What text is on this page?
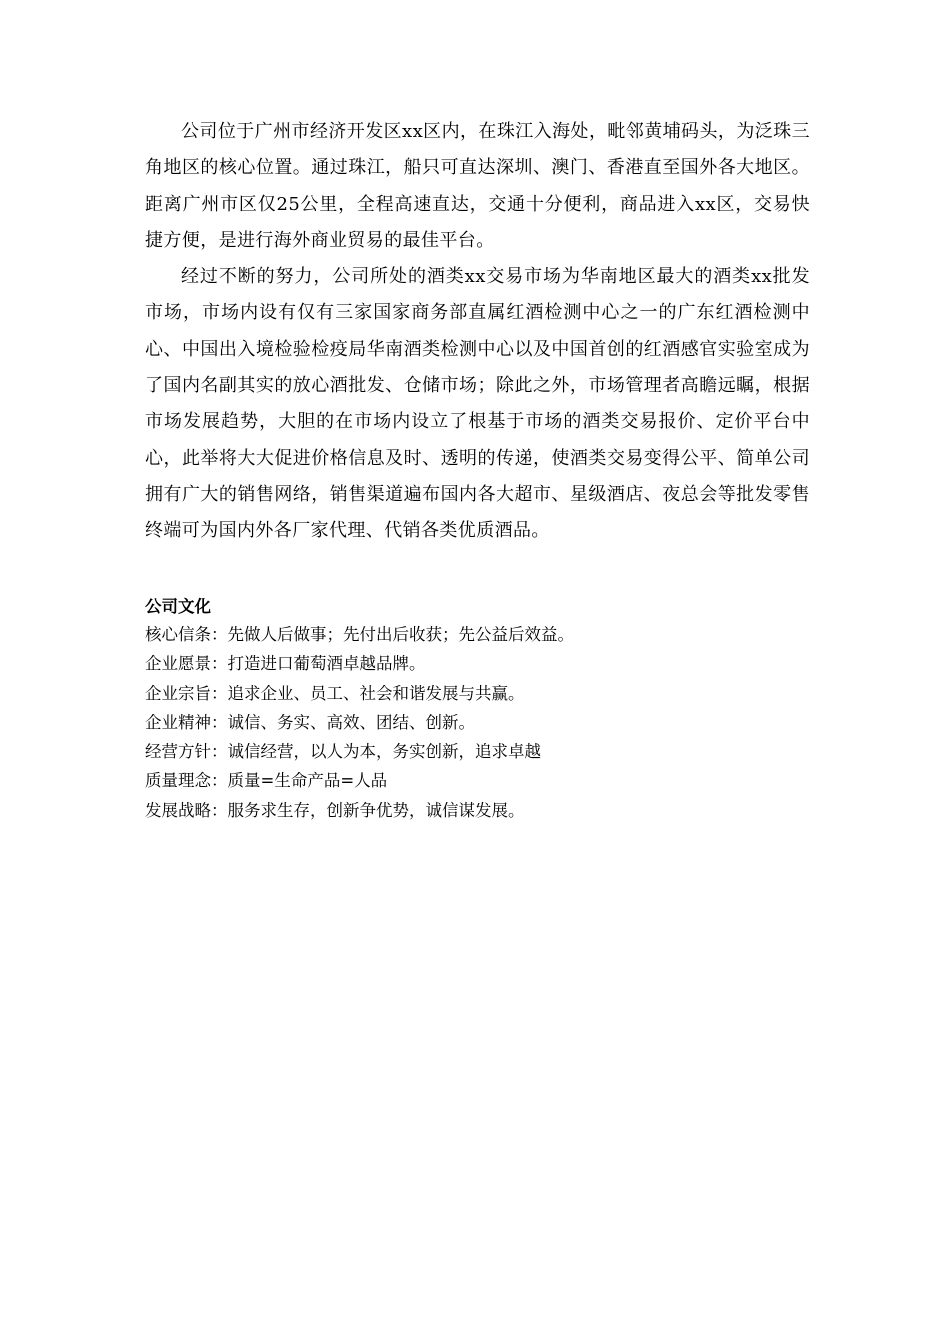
公司位于广州市经济开发区xx区内，在珠江入海处，毗邻黄埔码头，为泛珠三角地区的核心位置。通过珠江，船只可直达深圳、澳门、香港直至国外各大地区。距离广州市区仅25公里，全程高速直达，交通十分便利，商品进入xx区，交易快捷方便，是进行海外商业贸易的最佳平台。

经过不断的努力，公司所处的酒类xx交易市场为华南地区最大的酒类xx批发市场，市场内设有仅有三家国家商务部直属红酒检测中心之一的广东红酒检测中心、中国出入境检验检疫局华南酒类检测中心以及中国首创的红酒感官实验室成为了国内名副其实的放心酒批发、仓储市场；除此之外，市场管理者高瞻远瞩，根据市场发展趋势，大胆的在市场内设立了根基于市场的酒类交易报价、定价平台中心，此举将大大促进价格信息及时、透明的传递，使酒类交易变得公平、简单公司拥有广大的销售网络，销售渠道遍布国内各大超市、星级酒店、夜总会等批发零售终端可为国内外各厂家代理、代销各类优质酒品。

公司文化
核心信条：先做人后做事；先付出后收获；先公益后效益。
企业愿景：打造进口葡萄酒卓越品牌。
企业宗旨：追求企业、员工、社会和谐发展与共赢。
企业精神：诚信、务实、高效、团结、创新。
经营方针：诚信经营，以人为本，务实创新，追求卓越
质量理念：质量=生命产品=人品
发展战略：服务求生存，创新争优势，诚信谋发展。
